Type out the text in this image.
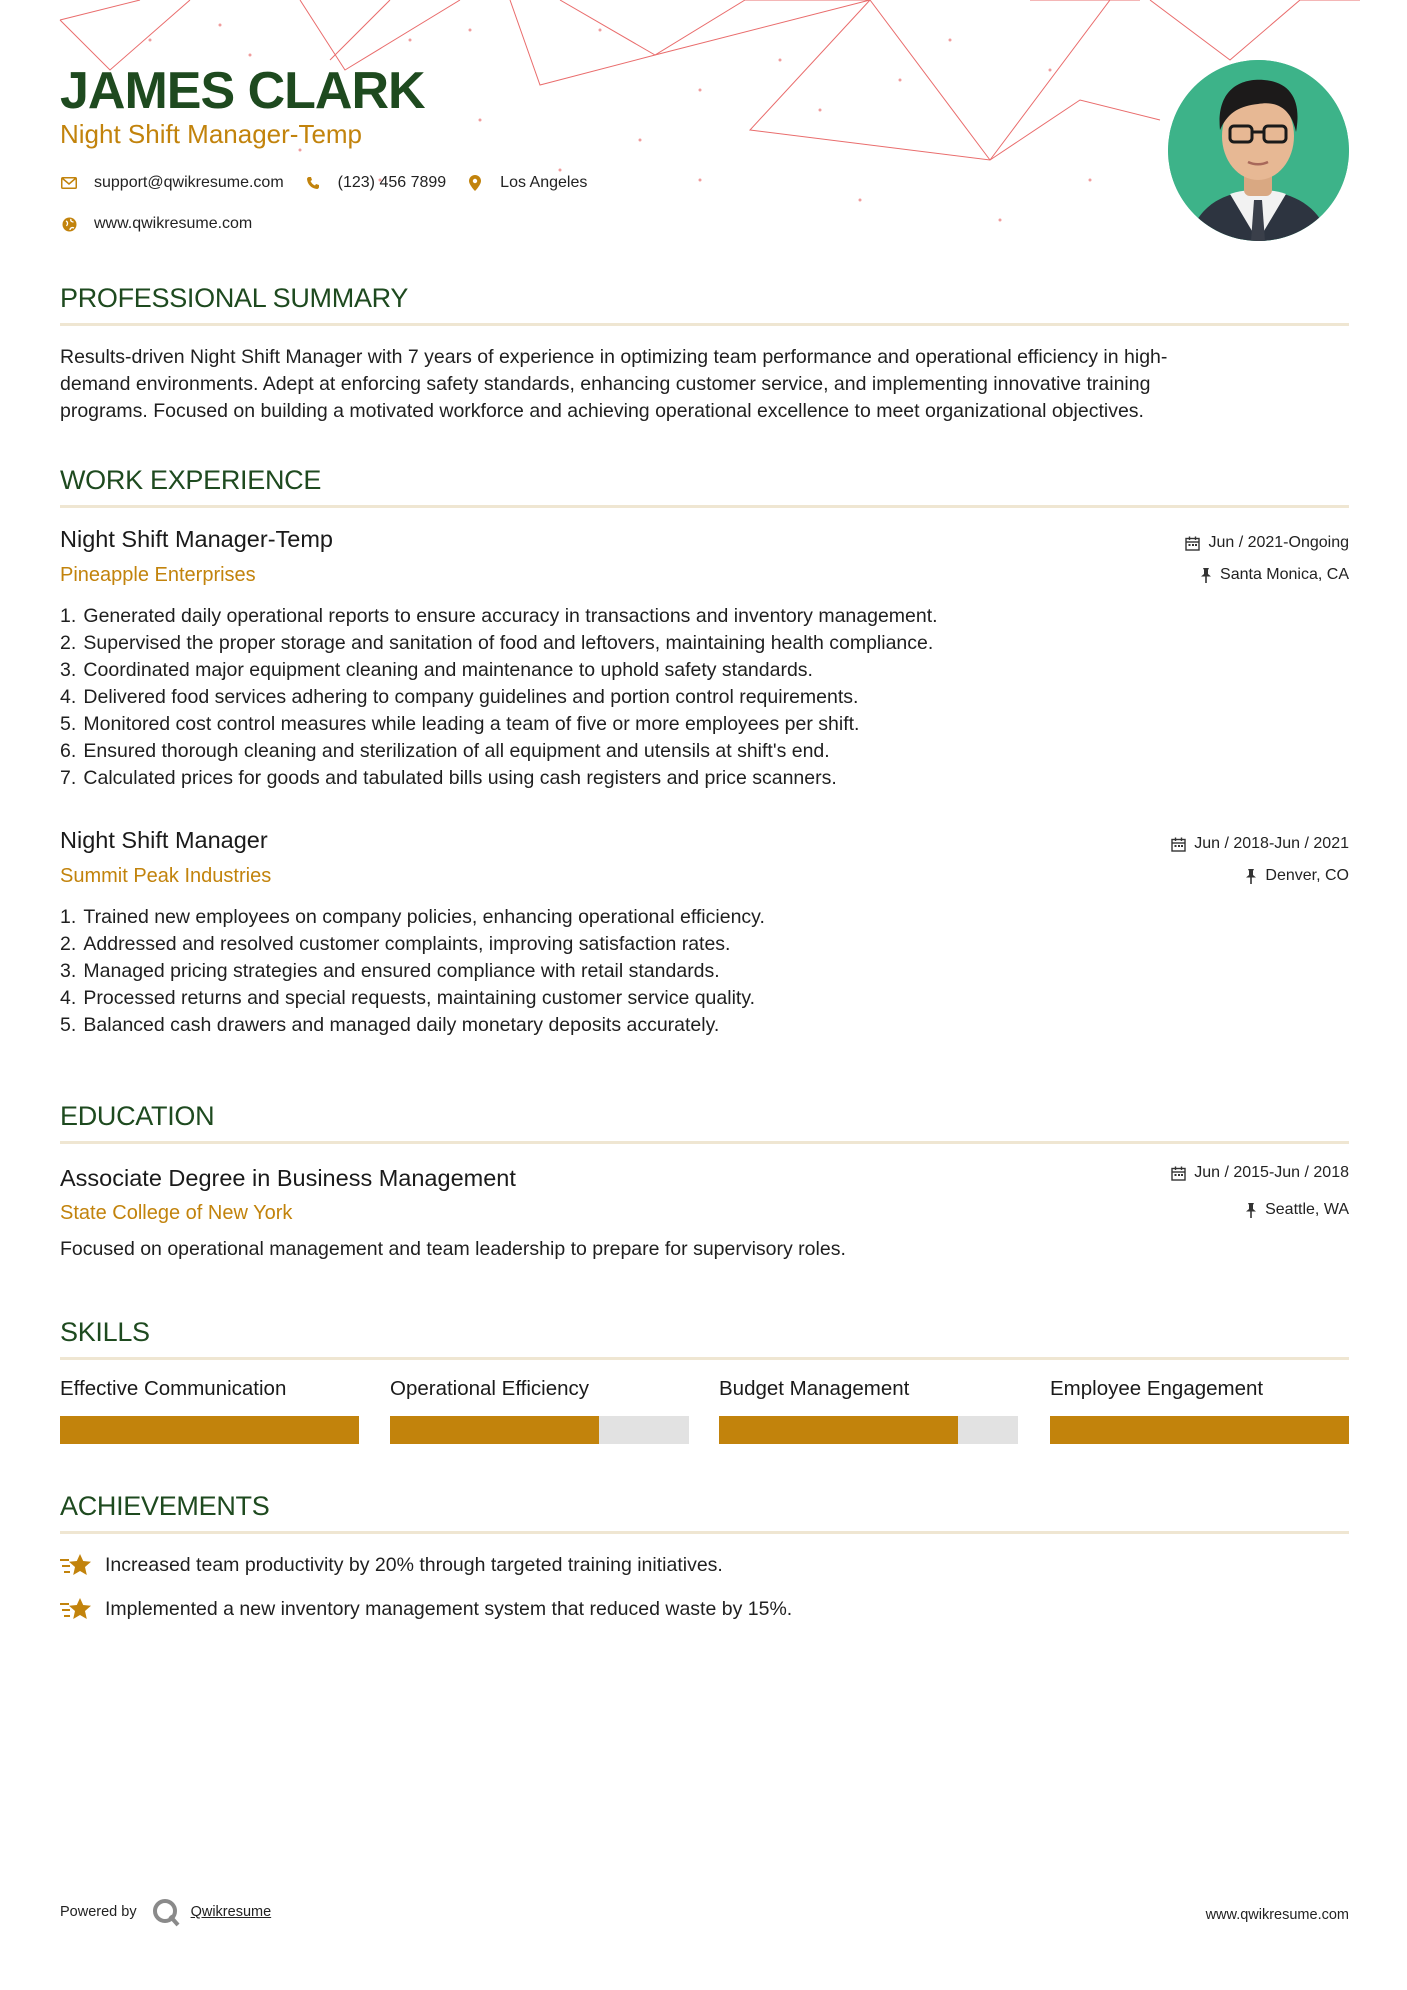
JAMES CLARK
Night Shift Manager-Temp
support@qwikresume.com	(123) 456 7899	Los Angeles
www.qwikresume.com
PROFESSIONAL SUMMARY
Results-driven Night Shift Manager with 7 years of experience in optimizing team performance and operational efficiency in high-
demand environments. Adept at enforcing safety standards, enhancing customer service, and implementing innovative training
programs. Focused on building a motivated workforce and achieving operational excellence to meet organizational objectives.
WORK EXPERIENCE
Night Shift Manager-Temp
Pineapple Enterprises
Jun / 2021-Ongoing
Santa Monica, CA
1.
Generated daily operational reports to ensure accuracy in transactions and inventory management.
2.
Supervised the proper storage and sanitation of food and leftovers, maintaining health compliance.
3.
Coordinated major equipment cleaning and maintenance to uphold safety standards.
4.
Delivered food services adhering to company guidelines and portion control requirements.
5.
Monitored cost control measures while leading a team of five or more employees per shift.
6.
Ensured thorough cleaning and sterilization of all equipment and utensils at shift's end.
7.
Calculated prices for goods and tabulated bills using cash registers and price scanners.
Night Shift Manager
Summit Peak Industries
Jun / 2018-Jun / 2021
Denver, CO
1.
Trained new employees on company policies, enhancing operational efficiency.
2.
Addressed and resolved customer complaints, improving satisfaction rates.
3.
Managed pricing strategies and ensured compliance with retail standards.
4.
Processed returns and special requests, maintaining customer service quality.
5.
Balanced cash drawers and managed daily monetary deposits accurately.
EDUCATION
Associate Degree in Business Management
State College of New York
Jun / 2015-Jun / 2018
Seattle, WA
Focused on operational management and team leadership to prepare for supervisory roles.
SKILLS
Effective Communication	Operational Efficiency	Budget Management	Employee Engagement
ACHIEVEMENTS
Increased team productivity by 20% through targeted training initiatives.
Implemented a new inventory management system that reduced waste by 15%.
Powered by	Qwikresume	www.qwikresume.com
